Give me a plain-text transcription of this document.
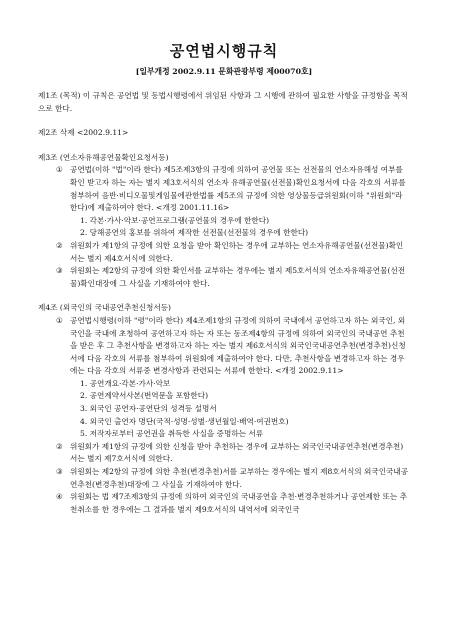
공연법시행규칙
[일부개정 2002.9.11 문화관광부령 제00070호]
제1조 (목적) 이 규칙은 공연법 및 동법시행령에서 위임된 사항과 그 시행에 관하여 필요한 사항을 규정함을 목적으로 한다.
제2조 삭제 <2002.9.11>
제3조 (연소자유해공연물확인요청서등)
① 공연법(이하 "법"이라 한다) 제5조제3항의 규정에 의하여 공연물 또는 선전물의 연소자유해성 여부를 확인 받고자 하는 자는 별지 제3호서식의 연소자 유해공연물(선전물)확인요청서에 다음 각호의 서류를 첨부하여 음반·비디오물및게임물에관한법률 제5조의 규정에 의한 영상물등급위원회(이하 "위원회"라 한다)에 제출하여야 한다. <개정 2001.11.16>
1. 각본·가사·악보·공연프로그램(공연물의 경우에 한한다)
2. 당해공연의 홍보를 위하여 제작한 선전물(선전물의 경우에 한한다)
② 위원회가 제1항의 규정에 의한 요청을 받아 확인하는 경우에 교부하는 연소자유해공연물(선전물)확인서는 별지 제4호서식에 의한다.
③ 위원회는 제2항의 규정에 의한 확인서를 교부하는 경우에는 별지 제5호서식의 연소자유해공연물(선전물)확인대장에 그 사실을 기재하여야 한다.
제4조 (외국인의 국내공연추천신청서등)
① 공연법시행령(이하 "령"이라 한다) 제4조제1항의 규정에 의하여 국내에서 공연하고자 하는 외국인, 외국인을 국내에 초청하여 공연하고자 하는 자 또는 동조제4항의 규정에 의하여 외국인의 국내공연 추천을 받은 후 그 추천사항을 변경하고자 하는 자는 별지 제6호서식의 외국인국내공연추천(변경추천)신청서에 다음 각호의 서류를 첨부하여 위원회에 제출하여야 한다. 다만, 추천사항을 변경하고자 하는 경우에는 다음 각호의 서류중 변경사항과 관련되는 서류에 한한다. <개정 2002.9.11>
1. 공연개요·각본·가사·악보
2. 공연계약서사본(번역문을 포함한다)
3. 외국인 공연자·공연단의 성격등 설명서
4. 외국인 출연자 명단(국적·성명·성별·생년월일·배역·여권번호)
5. 저작자로부터 공연권을 취득한 사실을 증명하는 서류
② 위원회가 제1항의 규정에 의한 신청을 받아 추천하는 경우에 교부하는 외국인국내공연추천(변경추천)서는 별지 제7호서식에 의한다.
③ 위원회는 제2항의 규정에 의한 추천(변경추천)서를 교부하는 경우에는 별지 제8호서식의 외국인국내공연추천(변경추천)대장에 그 사실을 기재하여야 한다.
④ 위원회는 법 제7조제3항의 규정에 의하여 외국인의 국내공연을 추천·변경추천하거나 공연제한 또는 추천취소를 한 경우에는 그 결과를 별지 제9호서식의 내역서에 외국인국
